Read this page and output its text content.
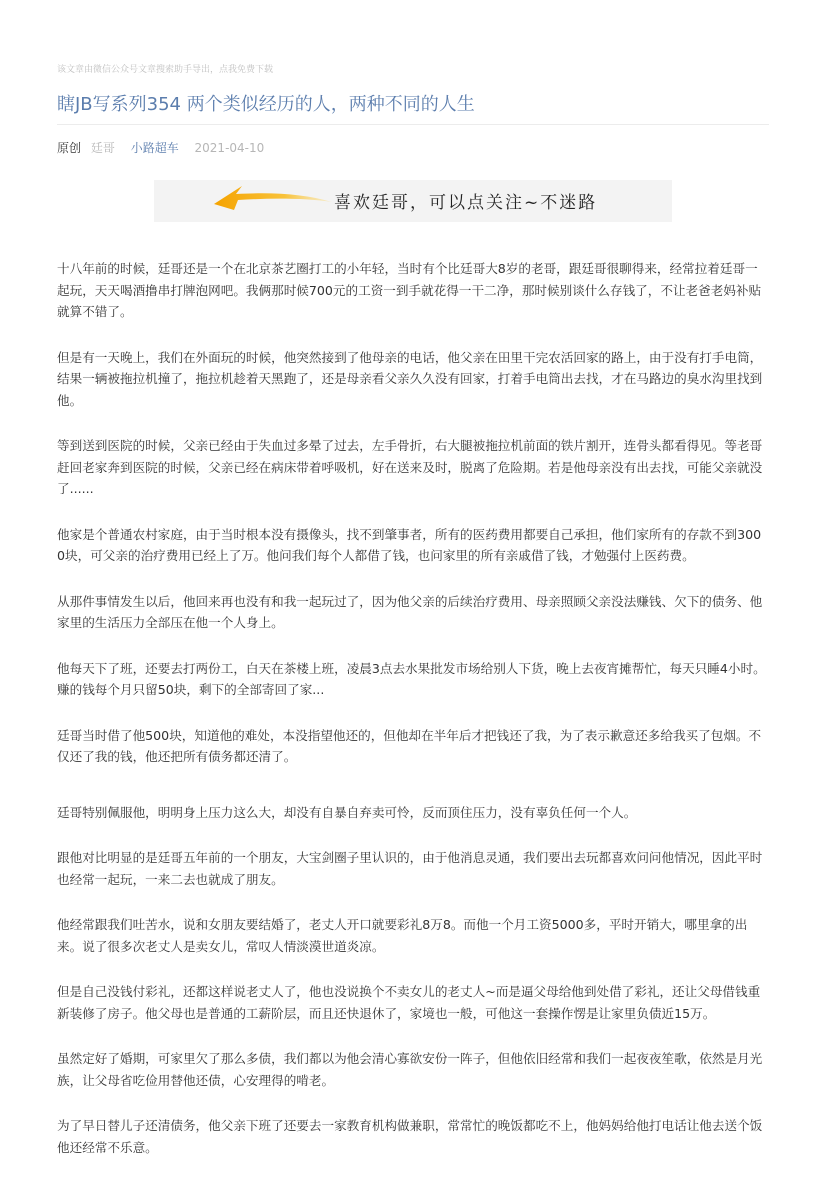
该文章由微信公众号文章搜索助手导出，点我免费下载
瞎JB写系列354 两个类似经历的人，两种不同的人生
原创 廷哥 小路超车 2021-04-10
喜欢廷哥，可以点关注~不迷路

十八年前的时候，廷哥还是一个在北京茶艺圈打工的小年轻，当时有个比廷哥大8岁的老哥，跟廷哥很聊得来，经常拉着廷哥一起玩，天天喝酒撸串打牌泡网吧。我俩那时候700元的工资一到手就花得一干二净，那时候别谈什么存钱了，不让老爸老妈补贴就算不错了。

但是有一天晚上，我们在外面玩的时候，他突然接到了他母亲的电话，他父亲在田里干完农活回家的路上，由于没有打手电筒，结果一辆被拖拉机撞了，拖拉机趁着天黑跑了，还是母亲看父亲久久没有回家，打着手电筒出去找，才在马路边的臭水沟里找到他。

等到送到医院的时候，父亲已经由于失血过多晕了过去，左手骨折，右大腿被拖拉机前面的铁片割开，连骨头都看得见。等老哥赶回老家奔到医院的时候，父亲已经在病床带着呼吸机，好在送来及时，脱离了危险期。若是他母亲没有出去找，可能父亲就没了......

他家是个普通农村家庭，由于当时根本没有摄像头，找不到肇事者，所有的医药费用都要自己承担，他们家所有的存款不到3000块，可父亲的治疗费用已经上了万。他问我们每个人都借了钱，也问家里的所有亲戚借了钱，才勉强付上医药费。

从那件事情发生以后，他回来再也没有和我一起玩过了，因为他父亲的后续治疗费用、母亲照顾父亲没法赚钱、欠下的债务、他家里的生活压力全部压在他一个人身上。

他每天下了班，还要去打两份工，白天在茶楼上班，凌晨3点去水果批发市场给别人下货，晚上去夜宵摊帮忙，每天只睡4小时。赚的钱每个月只留50块，剩下的全部寄回了家...

廷哥当时借了他500块，知道他的难处，本没指望他还的，但他却在半年后才把钱还了我，为了表示歉意还多给我买了包烟。不仅还了我的钱，他还把所有债务都还清了。

廷哥特别佩服他，明明身上压力这么大，却没有自暴自弃卖可怜，反而顶住压力，没有辜负任何一个人。

跟他对比明显的是廷哥五年前的一个朋友，大宝剑圈子里认识的，由于他消息灵通，我们要出去玩都喜欢问问他情况，因此平时也经常一起玩，一来二去也就成了朋友。

他经常跟我们吐苦水，说和女朋友要结婚了，老丈人开口就要彩礼8万8。而他一个月工资5000多，平时开销大，哪里拿的出来。说了很多次老丈人是卖女儿，常叹人情淡漠世道炎凉。

但是自己没钱付彩礼，还都这样说老丈人了，他也没说换个不卖女儿的老丈人~而是逼父母给他到处借了彩礼，还让父母借钱重新装修了房子。他父母也是普通的工薪阶层，而且还快退休了，家境也一般，可他这一套操作愣是让家里负债近15万。

虽然定好了婚期，可家里欠了那么多债，我们都以为他会清心寡欲安份一阵子，但他依旧经常和我们一起夜夜笙歌，依然是月光族，让父母省吃俭用替他还债，心安理得的啃老。

为了早日替儿子还清债务，他父亲下班了还要去一家教育机构做兼职，常常忙的晚饭都吃不上，他妈妈给他打电话让他去送个饭他还经常不乐意。
